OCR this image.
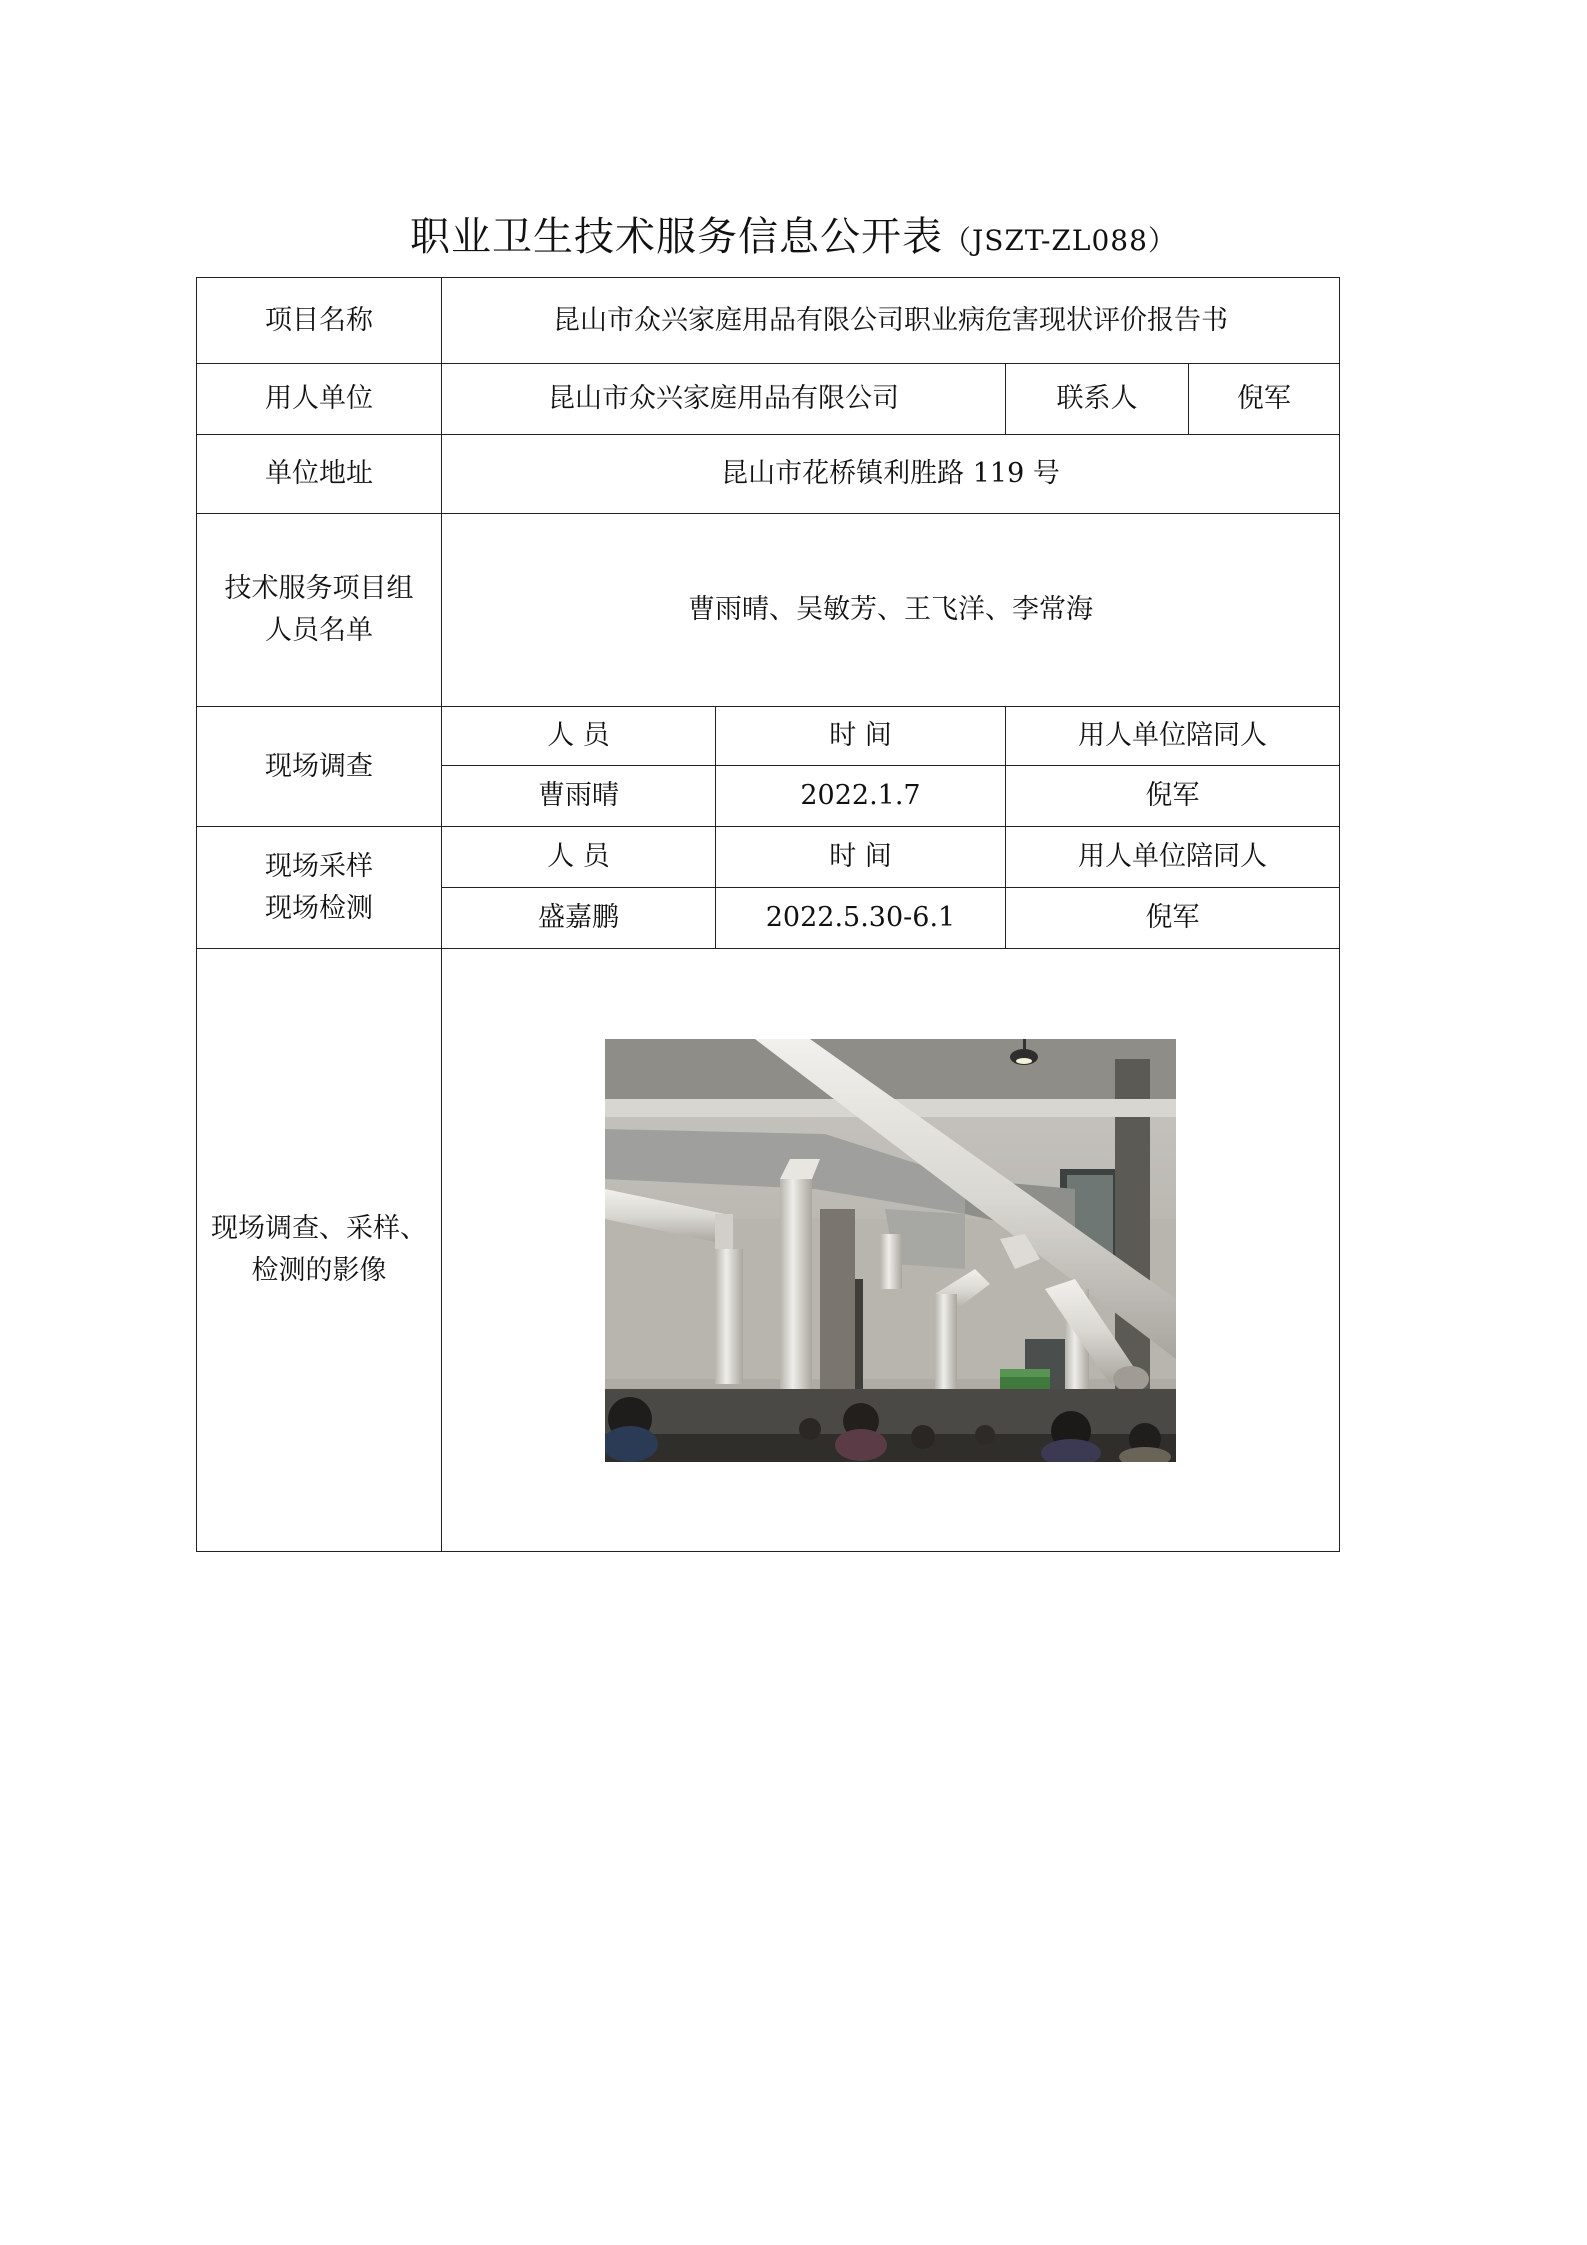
职业卫生技术服务信息公开表（JSZT-ZL088）
项目名称	昆山市众兴家庭用品有限公司职业病危害现状评价报告书			
用人单位	昆山市众兴家庭用品有限公司		联系人	倪军
单位地址	昆山市花桥镇利胜路 119 号			

技术服务项目组
人员名单	曹雨晴、吴敏芳、王飞洋、李常海			
现场调查	人 员	时 间	用人单位陪同人	
	曹雨晴	2022.1.7	倪军	

现场采样
现场检测	人 员	时 间	用人单位陪同人	
	盛嘉鹏	2022.5.30-6.1	倪军	

现场调查、采样、
检测的影像
